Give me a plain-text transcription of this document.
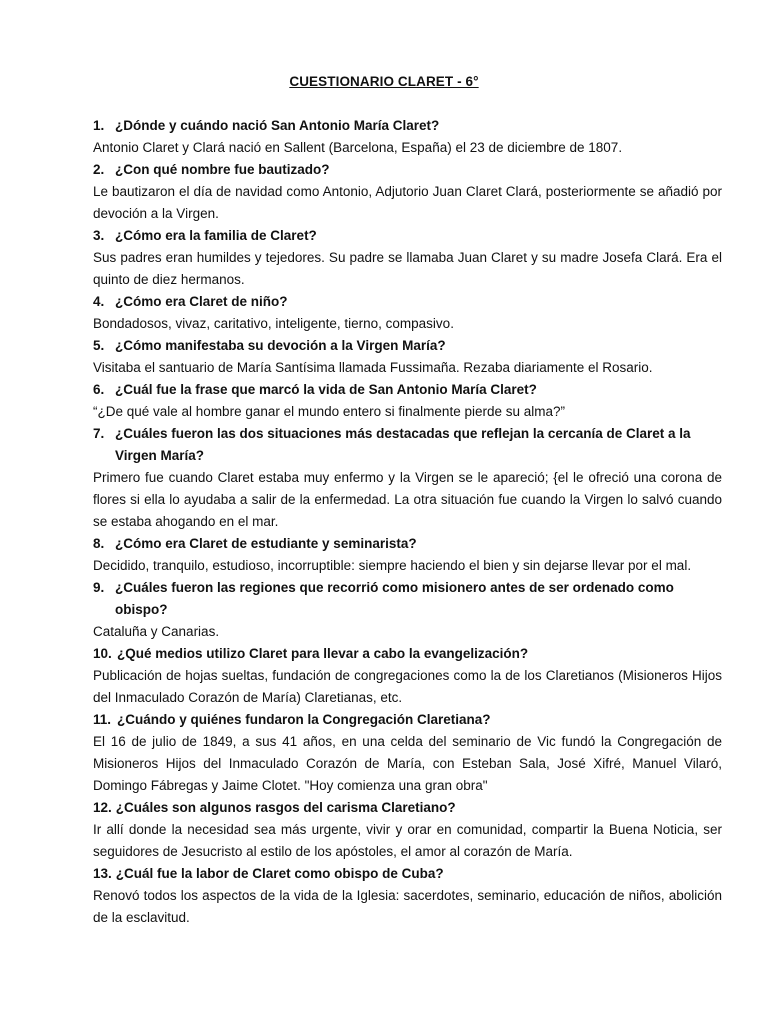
CUESTIONARIO CLARET - 6°
1. ¿Dónde y cuándo nació San Antonio María Claret?
Antonio Claret y Clará nació en Sallent (Barcelona, España) el 23 de diciembre de 1807.
2. ¿Con qué nombre fue bautizado?
Le bautizaron el día de navidad como Antonio, Adjutorio Juan Claret Clará, posteriormente se añadió por devoción a la Virgen.
3. ¿Cómo era la familia de Claret?
Sus padres eran humildes y tejedores. Su padre se llamaba Juan Claret y su madre Josefa Clará. Era el quinto de diez hermanos.
4. ¿Cómo era Claret de niño?
Bondadosos, vivaz, caritativo, inteligente, tierno, compasivo.
5. ¿Cómo manifestaba su devoción a la Virgen María?
Visitaba el santuario de María Santísima llamada Fussimaña. Rezaba diariamente el Rosario.
6. ¿Cuál fue la frase que marcó la vida de San Antonio María Claret?
“¿De qué vale al hombre ganar el mundo entero si finalmente pierde su alma?”
7. ¿Cuáles fueron las dos situaciones más destacadas que reflejan la cercanía de Claret a la Virgen María?
Primero fue cuando Claret estaba muy enfermo y la Virgen se le apareció; {el le ofreció una corona de flores si ella lo ayudaba a salir de la enfermedad. La otra situación fue cuando la Virgen lo salvó cuando se estaba ahogando en el mar.
8. ¿Cómo era Claret de estudiante y seminarista?
Decidido, tranquilo, estudioso, incorruptible: siempre haciendo el bien y sin dejarse llevar por el mal.
9. ¿Cuáles fueron las regiones que recorrió como misionero antes de ser ordenado como obispo?
Cataluña y Canarias.
10. ¿Qué medios utilizo Claret para llevar a cabo la evangelización?
Publicación de hojas sueltas, fundación de congregaciones como la de los Claretianos (Misioneros Hijos del Inmaculado Corazón de María) Claretianas, etc.
11. ¿Cuándo y quiénes fundaron la Congregación Claretiana?
El 16 de julio de 1849, a sus 41 años, en una celda del seminario de Vic fundó la Congregación de Misioneros Hijos del Inmaculado Corazón de María, con Esteban Sala, José Xifré, Manuel Vilaró, Domingo Fábregas y Jaime Clotet. "Hoy comienza una gran obra"
12. ¿Cuáles son algunos rasgos del carisma Claretiano?
Ir allí donde la necesidad sea más urgente, vivir y orar en comunidad, compartir la Buena Noticia, ser seguidores de Jesucristo al estilo de los apóstoles, el amor al corazón de María.
13. ¿Cuál fue la labor de Claret como obispo de Cuba?
Renovó todos los aspectos de la vida de la Iglesia: sacerdotes, seminario, educación de niños, abolición de la esclavitud.
